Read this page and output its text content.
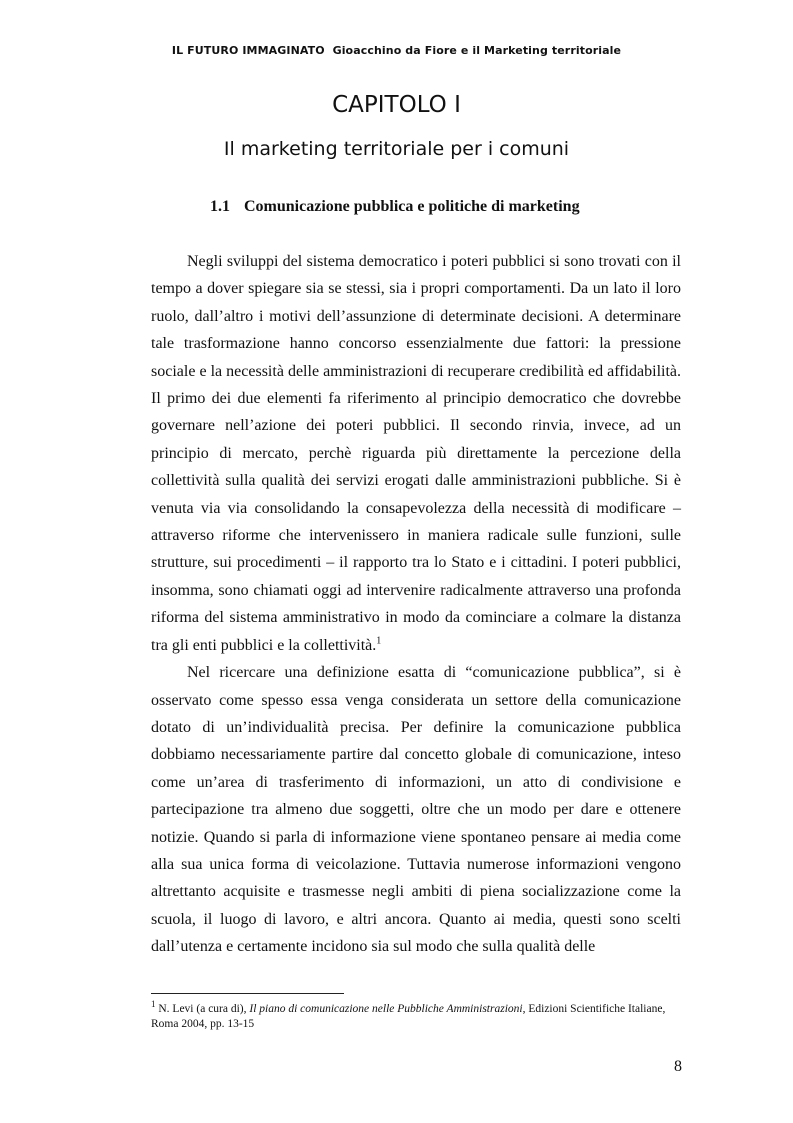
IL FUTURO IMMAGINATO Gioacchino da Fiore e il Marketing territoriale
CAPITOLO I
Il marketing territoriale per i comuni
1.1 Comunicazione pubblica e politiche di marketing

Negli sviluppi del sistema democratico i poteri pubblici si sono trovati con il tempo a dover spiegare sia se stessi, sia i propri comportamenti. Da un lato il loro ruolo, dall’altro i motivi dell’assunzione di determinate decisioni. A determinare tale trasformazione hanno concorso essenzialmente due fattori: la pressione sociale e la necessità delle amministrazioni di recuperare credibilità ed affidabilità. Il primo dei due elementi fa riferimento al principio democratico che dovrebbe governare nell’azione dei poteri pubblici. Il secondo rinvia, invece, ad un principio di mercato, perchè riguarda più direttamente la percezione della collettività sulla qualità dei servizi erogati dalle amministrazioni pubbliche. Si è venuta via via consolidando la consapevolezza della necessità di modificare – attraverso riforme che intervenissero in maniera radicale sulle funzioni, sulle strutture, sui procedimenti – il rapporto tra lo Stato e i cittadini. I poteri pubblici, insomma, sono chiamati oggi ad intervenire radicalmente attraverso una profonda riforma del sistema amministrativo in modo da cominciare a colmare la distanza tra gli enti pubblici e la collettività.$^1$

Nel ricercare una definizione esatta di “comunicazione pubblica”, si è osservato come spesso essa venga considerata un settore della comunicazione dotato di un’individualità precisa. Per definire la comunicazione pubblica dobbiamo necessariamente partire dal concetto globale di comunicazione, inteso come un’area di trasferimento di informazioni, un atto di condivisione e partecipazione tra almeno due soggetti, oltre che un modo per dare e ottenere notizie. Quando si parla di informazione viene spontaneo pensare ai media come alla sua unica forma di veicolazione. Tuttavia numerose informazioni vengono altrettanto acquisite e trasmesse negli ambiti di piena socializzazione come la scuola, il luogo di lavoro, e altri ancora. Quanto ai media, questi sono scelti dall’utenza e certamente incidono sia sul modo che sulla qualità delle

$^1$ N. Levi (a cura di), Il piano di comunicazione nelle Pubbliche Amministrazioni, Edizioni Scientifiche Italiane, Roma 2004, pp. 13-15
8
